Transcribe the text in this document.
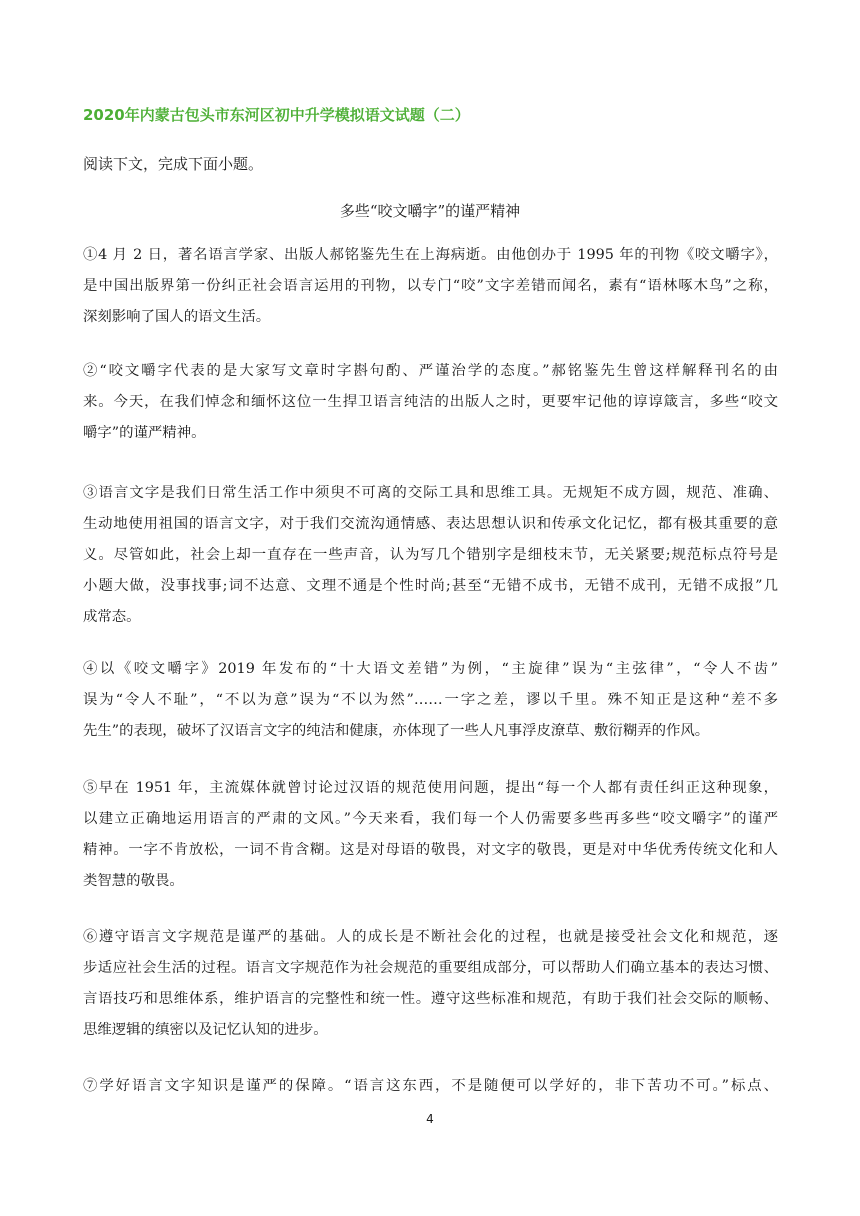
2020年内蒙古包头市东河区初中升学模拟语文试题（二）
阅读下文，完成下面小题。
多些“咬文嚼字”的谨严精神
①4 月 2 日，著名语言学家、出版人郝铭鉴先生在上海病逝。由他创办于 1995 年的刊物《咬文嚼字》，
是中国出版界第一份纠正社会语言运用的刊物，以专门“咬”文字差错而闻名，素有“语林啄木鸟”之称，
深刻影响了国人的语文生活。
②“咬文嚼字代表的是大家写文章时字斟句酌、严谨治学的态度。”郝铭鉴先生曾这样解释刊名的由
来。今天，在我们悼念和缅怀这位一生捍卫语言纯洁的出版人之时，更要牢记他的谆谆箴言，多些“咬文
嚼字”的谨严精神。
③语言文字是我们日常生活工作中须臾不可离的交际工具和思维工具。无规矩不成方圆，规范、准确、
生动地使用祖国的语言文字，对于我们交流沟通情感、表达思想认识和传承文化记忆，都有极其重要的意
义。尽管如此，社会上却一直存在一些声音，认为写几个错别字是细枝末节，无关紧要;规范标点符号是
小题大做，没事找事;词不达意、文理不通是个性时尚;甚至“无错不成书，无错不成刊，无错不成报”几
成常态。
④以《咬文嚼字》2019 年发布的“十大语文差错”为例，“主旋律”误为“主弦律”，“令人不齿”
误为“令人不耻”，“不以为意”误为“不以为然”……一字之差，谬以千里。殊不知正是这种“差不多
先生”的表现，破坏了汉语言文字的纯洁和健康，亦体现了一些人凡事浮皮潦草、敷衍糊弄的作风。
⑤早在 1951 年，主流媒体就曾讨论过汉语的规范使用问题，提出“每一个人都有责任纠正这种现象，
以建立正确地运用语言的严肃的文风。”今天来看，我们每一个人仍需要多些再多些“咬文嚼字”的谨严
精神。一字不肯放松，一词不肯含糊。这是对母语的敬畏，对文字的敬畏，更是对中华优秀传统文化和人
类智慧的敬畏。
⑥遵守语言文字规范是谨严的基础。人的成长是不断社会化的过程，也就是接受社会文化和规范，逐
步适应社会生活的过程。语言文字规范作为社会规范的重要组成部分，可以帮助人们确立基本的表达习惯、
言语技巧和思维体系，维护语言的完整性和统一性。遵守这些标准和规范，有助于我们社会交际的顺畅、
思维逻辑的缜密以及记忆认知的进步。
⑦学好语言文字知识是谨严的保障。“语言这东西，不是随便可以学好的，非下苦功不可。”标点、
4
